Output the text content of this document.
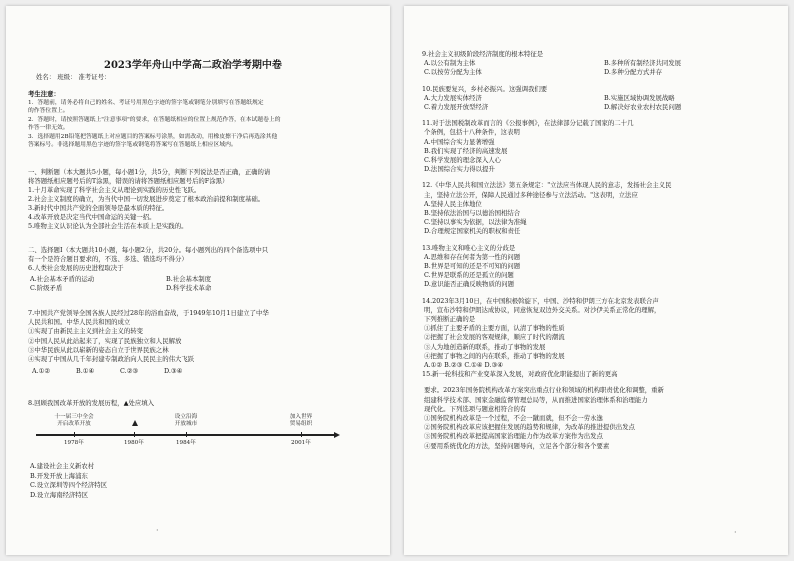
2023学年舟山中学高二政治学考期中卷
姓名： 班级： 准考证号：
考生注意：
8.回顾我国改革开放的发展历程，▲处应填入
1978年
十一届三中全会
开启改革开放
1980年	1984年
设立沿海
开放城市
2001年
加入世界
贸易组织
·
1．答题前，请务必将自己的姓名、考证号用黑色字迹的签字笔或钢笔分别填写在答题纸规定
的作答位置上。
2．答题时，请按照答题纸上"注意事项"的要求，在答题纸相应的位置上规范作答，在本试题卷上的
作答一律无效。
3．选择题用2B铅笔把答题纸上对应题目的答案标号涂黑，如需改动，用橡皮擦干净后再选涂其他
答案标号。非选择题用黑色字迹的签字笔或钢笔将答案写在答题纸上相应区域内。
一、判断题（本大题共5小题，每小题1分，共5分，判断下列说法是否正确，正确的请
将答题纸相应题号后的T涂黑，错误的请将答题纸相应题号后的F涂黑）
1.十月革命实现了科学社会主义从理论到实践的历史性飞跃。
2.社会主义制度的确立，为当代中国一切发展进步奠定了根本政治前提和制度基础。
3.新时代中国共产党的全面领导是最本质的特征。
4.改革开放是决定当代中国命运的关键一招。
5.唯物主义认识论认为全部社会生活在本质上是实践的。
二、选择题Ⅰ（本大题共10小题，每小题2分，共20分。每小题列出的四个备选项中只
有一个是符合题目要求的，不选、多选、错选均不得分）
6.人类社会发展的历史进程取决于
A.社会基本矛盾的运动	B.社会基本制度
C.阶级矛盾	D.科学技术革命
7.中国共产党领导全国各族人民经过28年的浴血奋战，于1949年10月1日建立了中华
人民共和国。中华人民共和国的成立
①实现了由新民主主义到社会主义的转变
②中国人民从此站起来了，实现了民族独立和人民解放
③中华民族从此以崭新的姿态自立于世界民族之林
④实现了中国从几千年封建专制政治向人民民主的伟大飞跃
A.①②	B.①④	C.②③	D.③④
A.建设社会主义新农村
B.开发开放上海浦东
C.设立深圳等四个经济特区
D.设立海南经济特区
·
9.社会主义初级阶段经济制度的根本特征是
A.以公有制为主体	B.多种所有制经济共同发展
C.以按劳分配为主体	D.多种分配方式并存
10.民族要复兴，乡村必振兴。这强调我们要
A.大力发展实体经济	B.实施区域协调发展战略
C.着力发展开放型经济	D.解决好农业农村农民问题
11.对于法国税制改革而言的《公报事例》，在法律部分记载了国家的二十几
个条例，包括十八种条件，这表明
A.中国综合实力显著增强
B.我们实现了经济的高速发展
C.科学发展的理念深入人心
D.法国综合实力得以提升
12.《中华人民共和国立法法》第五条规定："立法应当体现人民的意志，发扬社会主义民
主，坚持立法公开，保障人民通过多种途径参与立法活动。"这表明，立法应
A.坚持人民主体地位
B.坚持依法治国与以德治国相结合
C.坚持以事实为依据，以法律为准绳
D.合理规定国家机关的职权和责任
13.唯物主义和唯心主义的分歧是
A.思维和存在何者为第一性的问题
B.世界是可知的还是不可知的问题
C.世界是联系的还是孤立的问题
D.意识能否正确反映物质的问题
14.2023年3月10日，在中国积极斡旋下，中国、沙特和伊朗三方在北京发表联合声
明，宣布沙特和伊朗达成协议，同意恢复双边外交关系。对沙伊关系正常化的理解，
下列推断正确的是
①抓住了主要矛盾的主要方面，认清了事物的性质
②把握了社会发展的客观规律，顺应了时代的潮流
③人为地创造新的联系，推动了事物的发展
④把握了事物之间的内在联系，推动了事物的发展
A.①② B.②③ C.①④ D.③④
15.新一轮科技和产业变革深入发展，对政府优化职能提出了新的更高
要求。2023年国务院机构改革方案突出重点行业和领域的机构职责优化和调整，重新
组建科学技术部、国家金融监督管理总局等，从而推进国家治理体系和治理能力
现代化。下列选项与题意相符合的有
①国务院机构改革是一个过程，不会一蹴而就，但不会一劳永逸
②国务院机构改革应该把握住发展的趋势和规律，为改革的推进提供出发点
③国务院机构改革把提高国家治理能力作为改革方案作为出发点
④要用系统优化的方法，坚持问题导向，立足各个部分和各个要素
